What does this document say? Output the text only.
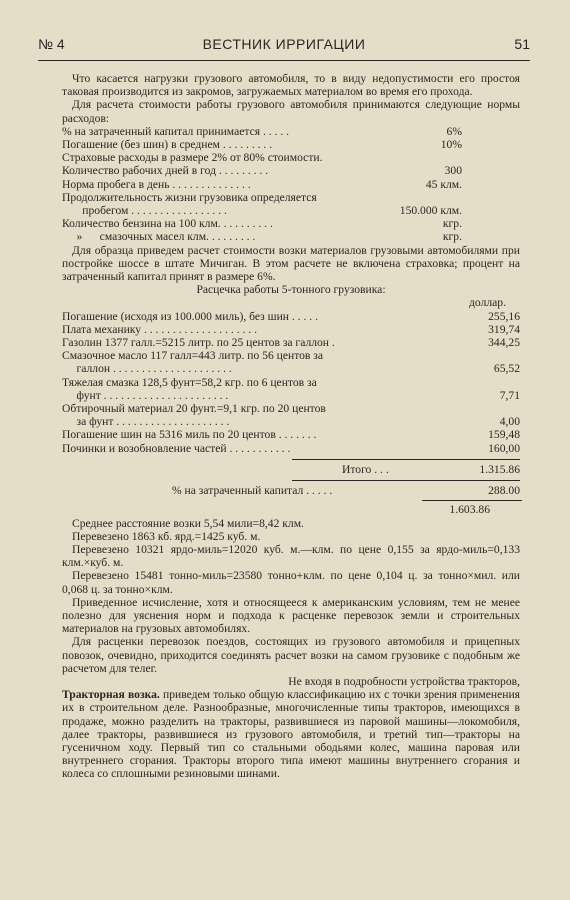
№ 4	ВЕСТНИК ИРРИГАЦИИ	51

Что касается нагрузки грузового автомобиля, то в виду недопустимости его простоя таковая производится из закромов, загружаемых материалом во время его прохода.

Для расчета стоимости работы грузового автомобиля принимаются следующие нормы расходов:

% на затраченный капитал принимается . . . . .	6%
Погашение (без шин) в среднем . . . . . . . . .	10%
Страховые расходы в размере 2% от 80% стоимости.
Количество рабочих дней в год . . . . . . . . .	300
Норма пробега в день . . . . . . . . . . . . . .	45 клм.
Продолжительность жизни грузовика определяется
пробегом . . . . . . . . . . . . . . . . .	150.000 клм.
Количество бензина на 100 клм. . . . . . . . . .	кгр.
»      смазочных масел клм. . . . . . . . .	кгр.

Для образца приведем расчет стоимости возки материалов грузовыми автомобилями при постройке шоссе в штате Мичиган. В этом расчете не включена страховка; процент на затраченный капитал принят в размере 6%.

Расцечка работы 5-тонного грузовика:
доллар.
Погашение (исходя из 100.000 миль), без шин . . . . .	255,16
Плата механику . . . . . . . . . . . . . . . . . . . .	319,74
Газолин 1377 галл.=5215 литр. по 25 центов за галлон .	344,25
Смазочное масло 117 галл=443 литр. по 56 центов за
галлон . . . . . . . . . . . . . . . . . . . . .	65,52
Тяжелая смазка 128,5 фунт=58,2 кгр. по 6 центов за
фунт . . . . . . . . . . . . . . . . . . . . . .	7,71
Обтирочный материал 20 фунт.=9,1 кгр. по 20 центов
за фунт . . . . . . . . . . . . . . . . . . . .	4,00
Погашение шин на 5316 миль по 20 центов . . . . . . .	159,48
Починки и возобновление частей . . . . . . . . . . .	160,00
Итого . . .	1.315.86
% на затраченный капитал . . . . .	288.00
1.603.86

Среднее расстояние возки 5,54 мили=8,42 клм.

Перевезено 1863 кб. ярд.=1425 куб. м.

Перевезено 10321 ярдо-миль=12020 куб. м.—клм. по цене 0,155 за ярдо-миль=0,133 клм.×куб. м.

Перевезено 15481 тонно-миль=23580 тонно+клм. по цене 0,104 ц. за тонно×мил. или 0,068 ц. за тонно×клм.

Приведенное исчисление, хотя и относящееся к американским условиям, тем не менее полезно для уяснения норм и подхода к расценке перевозок земли и строительных материалов на грузовых автомобилях.

Для расценки перевозок поездов, состоящих из грузового автомобиля и прицепных повозок, очевидно, приходится соединять расчет возки на самом грузовике с подобным же расчетом для телег.

Не входя в подробности устройства тракторов,

Тракторная возка. приведем только общую классификацию их с точки зрения применения их в строительном деле. Разнообразные, многочисленные типы тракторов, имеющихся в продаже, можно разделить на тракторы, развившиеся из паровой машины—локомобиля, далее тракторы, развившиеся из грузового автомобиля, и третий тип—тракторы на гусеничном ходу. Первый тип со стальными ободьями колес, машина паровая или внутреннего сгорания. Тракторы второго типа имеют машины внутреннего сгорания и колеса со сплошными резиновыми шинами.
